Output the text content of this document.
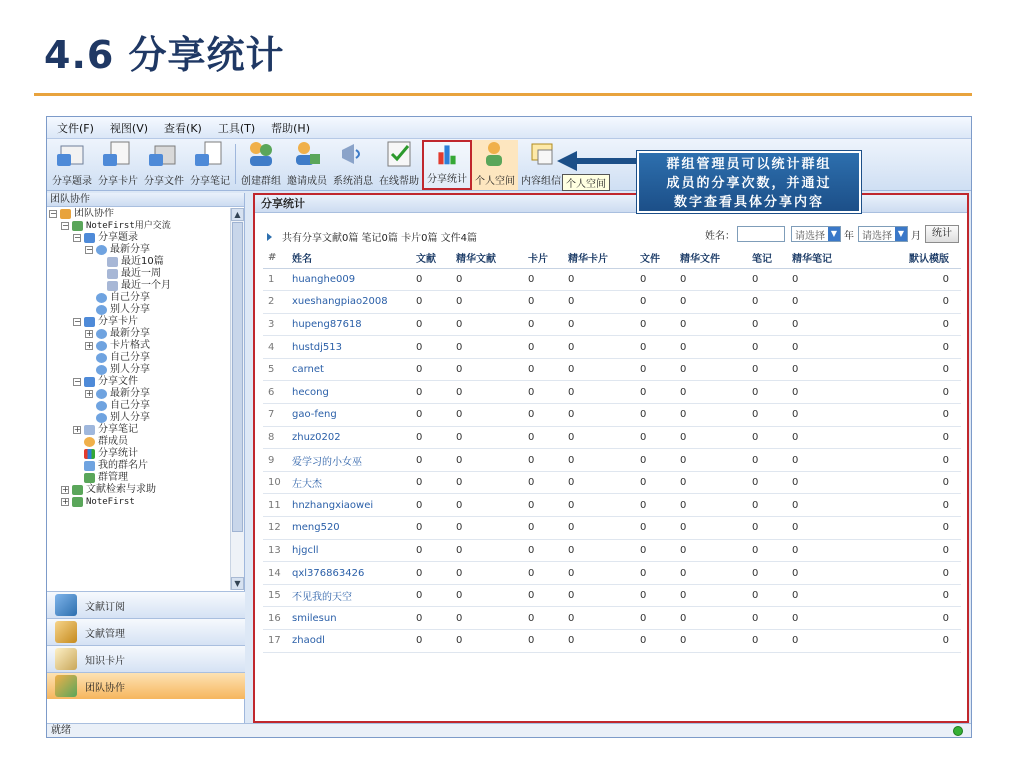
4.6 分享统计
文件(F) 视图(V) 查看(K) 工具(T) 帮助(H)
分享题录 分享卡片 分享文件 分享笔记 创建群组 邀请成员 系统消息 在线帮助 分享统计 个人空间 内容组信 个人空间
群组管理员可以统计群组
成员的分享次数，并通过
数字查看具体分享内容
团队协作
− 团队协作
− NoteFirst用户交流
− 分享题录
− 最新分享
最近10篇
最近一周
最近一个月
自己分享
别人分享
− 分享卡片
+ 最新分享
+ 卡片格式
自己分享
别人分享
− 分享文件
+ 最新分享
自己分享
别人分享
+ 分享笔记
群成员
分享统计
我的群名片
群管理
+ 文献检索与求助
+ NoteFirst
▲
▼
文献订阅
文献管理
知识卡片
团队协作
分享统计
共有分享文献0篇 笔记0篇 卡片0篇 文件4篇	姓名：	请选择 ▼ 年 请选择 ▼ 月	统计
#	姓名	文献	精华文献	卡片	精华卡片	文件	精华文件	笔记	精华笔记	默认模版
1	huanghe009	0	0	0	0	0	0	0	0	0
2	xueshangpiao2008	0	0	0	0	0	0	0	0	0
3	hupeng87618	0	0	0	0	0	0	0	0	0
4	hustdj513	0	0	0	0	0	0	0	0	0
5	carnet	0	0	0	0	0	0	0	0	0
6	hecong	0	0	0	0	0	0	0	0	0
7	gao-feng	0	0	0	0	0	0	0	0	0
8	zhuz0202	0	0	0	0	0	0	0	0	0
9	爱学习的小女巫	0	0	0	0	0	0	0	0	0
10	左大杰	0	0	0	0	0	0	0	0	0
11	hnzhangxiaowei	0	0	0	0	0	0	0	0	0
12	meng520	0	0	0	0	0	0	0	0	0
13	hjgcll	0	0	0	0	0	0	0	0	0
14	qxl376863426	0	0	0	0	0	0	0	0	0
15	不见我的天空	0	0	0	0	0	0	0	0	0
16	smilesun	0	0	0	0	0	0	0	0	0
17	zhaodl	0	0	0	0	0	0	0	0	0
就绪
